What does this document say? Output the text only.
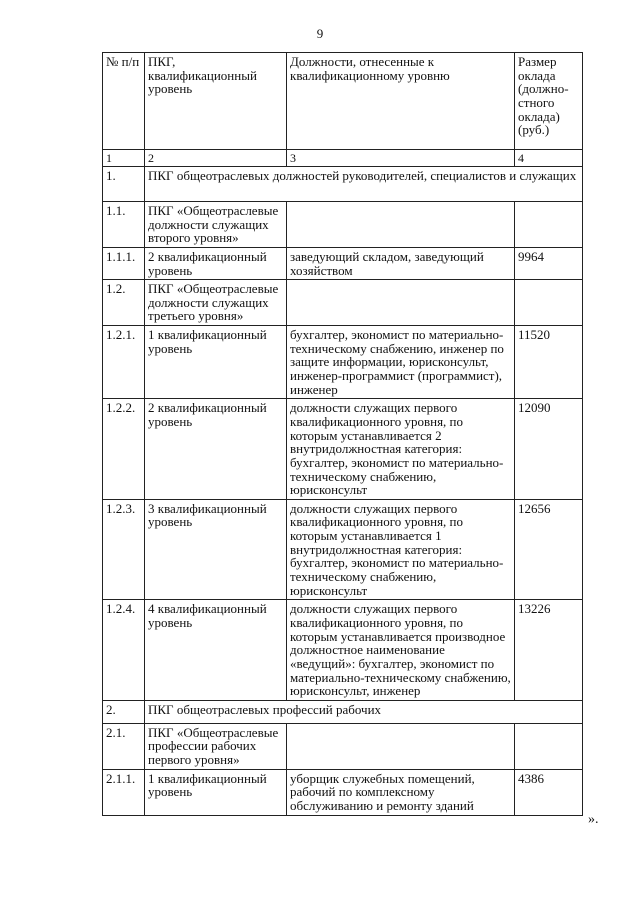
9
№ п/п	ПКГ, квалификационный уровень	Должности, отнесенные к квалификационному уровню	Размер оклада (должно-стного оклада) (руб.)
1	2	3	4
1.	ПКГ общеотраслевых должностей руководителей, специалистов и служащих		
1.1.	ПКГ «Общеотраслевые должности служащих второго уровня»		
1.1.1.	2 квалификационный уровень	заведующий складом, заведующий хозяйством	9964
1.2.	ПКГ «Общеотраслевые должности служащих третьего уровня»		
1.2.1.	1 квалификационный уровень	бухгалтер, экономист по материально-техническому снабжению, инженер по защите информации, юрисконсульт, инженер-программист (программист), инженер	11520
1.2.2.	2 квалификационный уровень	должности служащих первого квалификационного уровня, по которым устанавливается 2 внутридолжностная категория: бухгалтер, экономист по материально-техническому снабжению, юрисконсульт	12090
1.2.3.	3 квалификационный уровень	должности служащих первого квалификационного уровня, по которым устанавливается 1 внутридолжностная категория: бухгалтер, экономист по материально-техническому снабжению, юрисконсульт	12656
1.2.4.	4 квалификационный уровень	должности служащих первого квалификационного уровня, по которым устанавливается производное должностное наименование «ведущий»: бухгалтер, экономист по материально-техническому снабжению, юрисконсульт, инженер	13226
2.	ПКГ общеотраслевых профессий рабочих		
2.1.	ПКГ «Общеотраслевые профессии рабочих первого уровня»		
2.1.1.	1 квалификационный уровень	уборщик служебных помещений, рабочий по комплексному обслуживанию и ремонту зданий	4386
».
